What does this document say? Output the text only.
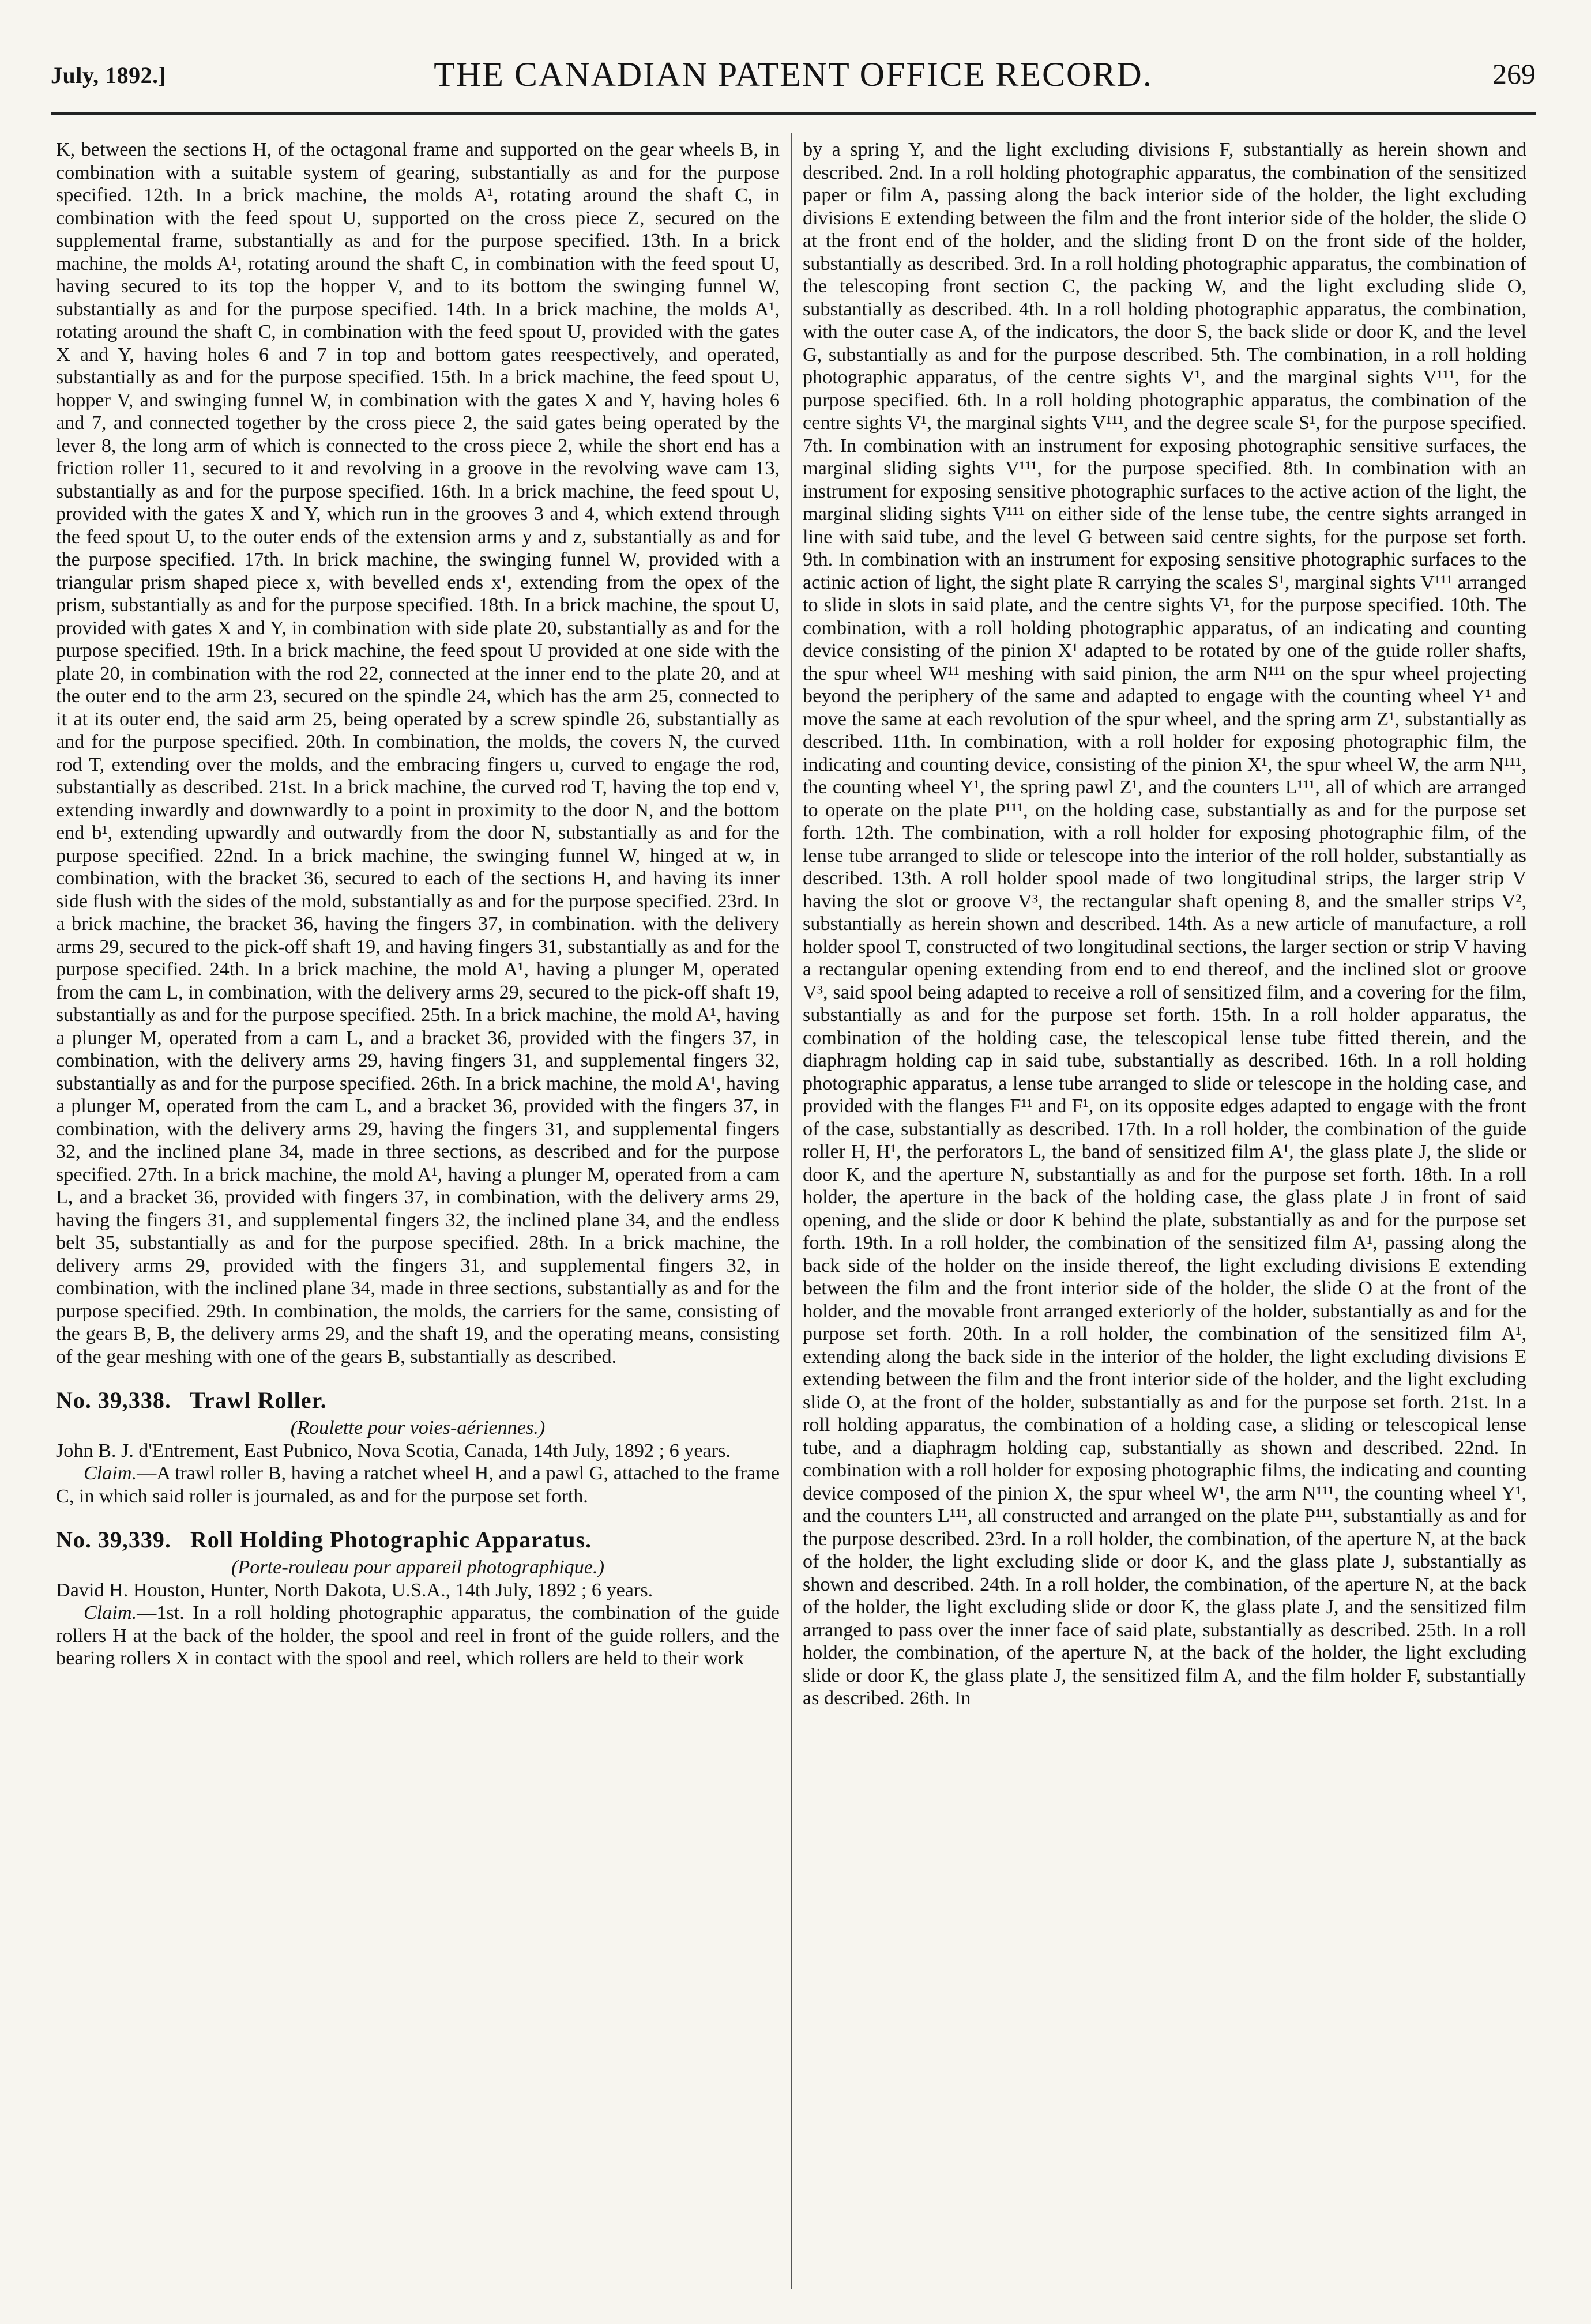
July, 1892.]	THE CANADIAN PATENT OFFICE RECORD.	269

K, between the sections H, of the octagonal frame and supported on the gear wheels B, in combination with a suitable system of gearing, substantially as and for the purpose specified. 12th. In a brick machine, the molds A¹, rotating around the shaft C, in combination with the feed spout U, supported on the cross piece Z, secured on the supplemental frame, substantially as and for the purpose specified. 13th. In a brick machine, the molds A¹, rotating around the shaft C, in combination with the feed spout U, having secured to its top the hopper V, and to its bottom the swinging funnel W, substantially as and for the purpose specified. 14th. In a brick machine, the molds A¹, rotating around the shaft C, in combination with the feed spout U, provided with the gates X and Y, having holes 6 and 7 in top and bottom gates reespectively, and operated, substantially as and for the purpose specified. 15th. In a brick machine, the feed spout U, hopper V, and swinging funnel W, in combination with the gates X and Y, having holes 6 and 7, and connected together by the cross piece 2, the said gates being operated by the lever 8, the long arm of which is connected to the cross piece 2, while the short end has a friction roller 11, secured to it and revolving in a groove in the revolving wave cam 13, substantially as and for the purpose specified. 16th. In a brick machine, the feed spout U, provided with the gates X and Y, which run in the grooves 3 and 4, which extend through the feed spout U, to the outer ends of the extension arms y and z, substantially as and for the purpose specified. 17th. In brick machine, the swinging funnel W, provided with a triangular prism shaped piece x, with bevelled ends x¹, extending from the opex of the prism, substantially as and for the purpose specified. 18th. In a brick machine, the spout U, provided with gates X and Y, in combination with side plate 20, substantially as and for the purpose specified. 19th. In a brick machine, the feed spout U provided at one side with the plate 20, in combination with the rod 22, connected at the inner end to the plate 20, and at the outer end to the arm 23, secured on the spindle 24, which has the arm 25, connected to it at its outer end, the said arm 25, being operated by a screw spindle 26, substantially as and for the purpose specified. 20th. In combination, the molds, the covers N, the curved rod T, extending over the molds, and the embracing fingers u, curved to engage the rod, substantially as described. 21st. In a brick machine, the curved rod T, having the top end v, extending inwardly and downwardly to a point in proximity to the door N, and the bottom end b¹, extending upwardly and outwardly from the door N, substantially as and for the purpose specified. 22nd. In a brick machine, the swinging funnel W, hinged at w, in combination, with the bracket 36, secured to each of the sections H, and having its inner side flush with the sides of the mold, substantially as and for the purpose specified. 23rd. In a brick machine, the bracket 36, having the fingers 37, in combination. with the delivery arms 29, secured to the pick-off shaft 19, and having fingers 31, substantially as and for the purpose specified. 24th. In a brick machine, the mold A¹, having a plunger M, operated from the cam L, in combination, with the delivery arms 29, secured to the pick-off shaft 19, substantially as and for the purpose specified. 25th. In a brick machine, the mold A¹, having a plunger M, operated from a cam L, and a bracket 36, provided with the fingers 37, in combination, with the delivery arms 29, having fingers 31, and supplemental fingers 32, substantially as and for the purpose specified. 26th. In a brick machine, the mold A¹, having a plunger M, operated from the cam L, and a bracket 36, provided with the fingers 37, in combination, with the delivery arms 29, having the fingers 31, and supplemental fingers 32, and the inclined plane 34, made in three sections, as described and for the purpose specified. 27th. In a brick machine, the mold A¹, having a plunger M, operated from a cam L, and a bracket 36, provided with fingers 37, in combination, with the delivery arms 29, having the fingers 31, and supplemental fingers 32, the inclined plane 34, and the endless belt 35, substantially as and for the purpose specified. 28th. In a brick machine, the delivery arms 29, provided with the fingers 31, and supplemental fingers 32, in combination, with the inclined plane 34, made in three sections, substantially as and for the purpose specified. 29th. In combination, the molds, the carriers for the same, consisting of the gears B, B, the delivery arms 29, and the shaft 19, and the operating means, consisting of the gear meshing with one of the gears B, substantially as described.

No. 39,338. Trawl Roller.

(Roulette pour voies-aériennes.)

John B. J. d'Entrement, East Pubnico, Nova Scotia, Canada, 14th July, 1892 ; 6 years.

Claim.—A trawl roller B, having a ratchet wheel H, and a pawl G, attached to the frame C, in which said roller is journaled, as and for the purpose set forth.

No. 39,339. Roll Holding Photographic Apparatus.

(Porte-rouleau pour appareil photographique.)

David H. Houston, Hunter, North Dakota, U.S.A., 14th July, 1892 ; 6 years.

Claim.—1st. In a roll holding photographic apparatus, the combination of the guide rollers H at the back of the holder, the spool and reel in front of the guide rollers, and the bearing rollers X in contact with the spool and reel, which rollers are held to their work

by a spring Y, and the light excluding divisions F, substantially as herein shown and described. 2nd. In a roll holding photographic apparatus, the combination of the sensitized paper or film A, passing along the back interior side of the holder, the light excluding divisions E extending between the film and the front interior side of the holder, the slide O at the front end of the holder, and the sliding front D on the front side of the holder, substantially as described. 3rd. In a roll holding photographic apparatus, the combination of the telescoping front section C, the packing W, and the light excluding slide O, substantially as described. 4th. In a roll holding photographic apparatus, the combination, with the outer case A, of the indicators, the door S, the back slide or door K, and the level G, substantially as and for the purpose described. 5th. The combination, in a roll holding photographic apparatus, of the centre sights V¹, and the marginal sights V¹¹¹, for the purpose specified. 6th. In a roll holding photographic apparatus, the combination of the centre sights V¹, the marginal sights V¹¹¹, and the degree scale S¹, for the purpose specified. 7th. In combination with an instrument for exposing photographic sensitive surfaces, the marginal sliding sights V¹¹¹, for the purpose specified. 8th. In combination with an instrument for exposing sensitive photographic surfaces to the active action of the light, the marginal sliding sights V¹¹¹ on either side of the lense tube, the centre sights arranged in line with said tube, and the level G between said centre sights, for the purpose set forth. 9th. In combination with an instrument for exposing sensitive photographic surfaces to the actinic action of light, the sight plate R carrying the scales S¹, marginal sights V¹¹¹ arranged to slide in slots in said plate, and the centre sights V¹, for the purpose specified. 10th. The combination, with a roll holding photographic apparatus, of an indicating and counting device consisting of the pinion X¹ adapted to be rotated by one of the guide roller shafts, the spur wheel W¹¹ meshing with said pinion, the arm N¹¹¹ on the spur wheel projecting beyond the periphery of the same and adapted to engage with the counting wheel Y¹ and move the same at each revolution of the spur wheel, and the spring arm Z¹, substantially as described. 11th. In combination, with a roll holder for exposing photographic film, the indicating and counting device, consisting of the pinion X¹, the spur wheel W, the arm N¹¹¹, the counting wheel Y¹, the spring pawl Z¹, and the counters L¹¹¹, all of which are arranged to operate on the plate P¹¹¹, on the holding case, substantially as and for the purpose set forth. 12th. The combination, with a roll holder for exposing photographic film, of the lense tube arranged to slide or telescope into the interior of the roll holder, substantially as described. 13th. A roll holder spool made of two longitudinal strips, the larger strip V having the slot or groove V³, the rectangular shaft opening 8, and the smaller strips V², substantially as herein shown and described. 14th. As a new article of manufacture, a roll holder spool T, constructed of two longitudinal sections, the larger section or strip V having a rectangular opening extending from end to end thereof, and the inclined slot or groove V³, said spool being adapted to receive a roll of sensitized film, and a covering for the film, substantially as and for the purpose set forth. 15th. In a roll holder apparatus, the combination of the holding case, the telescopical lense tube fitted therein, and the diaphragm holding cap in said tube, substantially as described. 16th. In a roll holding photographic apparatus, a lense tube arranged to slide or telescope in the holding case, and provided with the flanges F¹¹ and F¹, on its opposite edges adapted to engage with the front of the case, substantially as described. 17th. In a roll holder, the combination of the guide roller H, H¹, the perforators L, the band of sensitized film A¹, the glass plate J, the slide or door K, and the aperture N, substantially as and for the purpose set forth. 18th. In a roll holder, the aperture in the back of the holding case, the glass plate J in front of said opening, and the slide or door K behind the plate, substantially as and for the purpose set forth. 19th. In a roll holder, the combination of the sensitized film A¹, passing along the back side of the holder on the inside thereof, the light excluding divisions E extending between the film and the front interior side of the holder, the slide O at the front of the holder, and the movable front arranged exteriorly of the holder, substantially as and for the purpose set forth. 20th. In a roll holder, the combination of the sensitized film A¹, extending along the back side in the interior of the holder, the light excluding divisions E extending between the film and the front interior side of the holder, and the light excluding slide O, at the front of the holder, substantially as and for the purpose set forth. 21st. In a roll holding apparatus, the combination of a holding case, a sliding or telescopical lense tube, and a diaphragm holding cap, substantially as shown and described. 22nd. In combination with a roll holder for exposing photographic films, the indicating and counting device composed of the pinion X, the spur wheel W¹, the arm N¹¹¹, the counting wheel Y¹, and the counters L¹¹¹, all constructed and arranged on the plate P¹¹¹, substantially as and for the purpose described. 23rd. In a roll holder, the combination, of the aperture N, at the back of the holder, the light excluding slide or door K, and the glass plate J, substantially as shown and described. 24th. In a roll holder, the combination, of the aperture N, at the back of the holder, the light excluding slide or door K, the glass plate J, and the sensitized film arranged to pass over the inner face of said plate, substantially as described. 25th. In a roll holder, the combination, of the aperture N, at the back of the holder, the light excluding slide or door K, the glass plate J, the sensitized film A, and the film holder F, substantially as described. 26th. In
